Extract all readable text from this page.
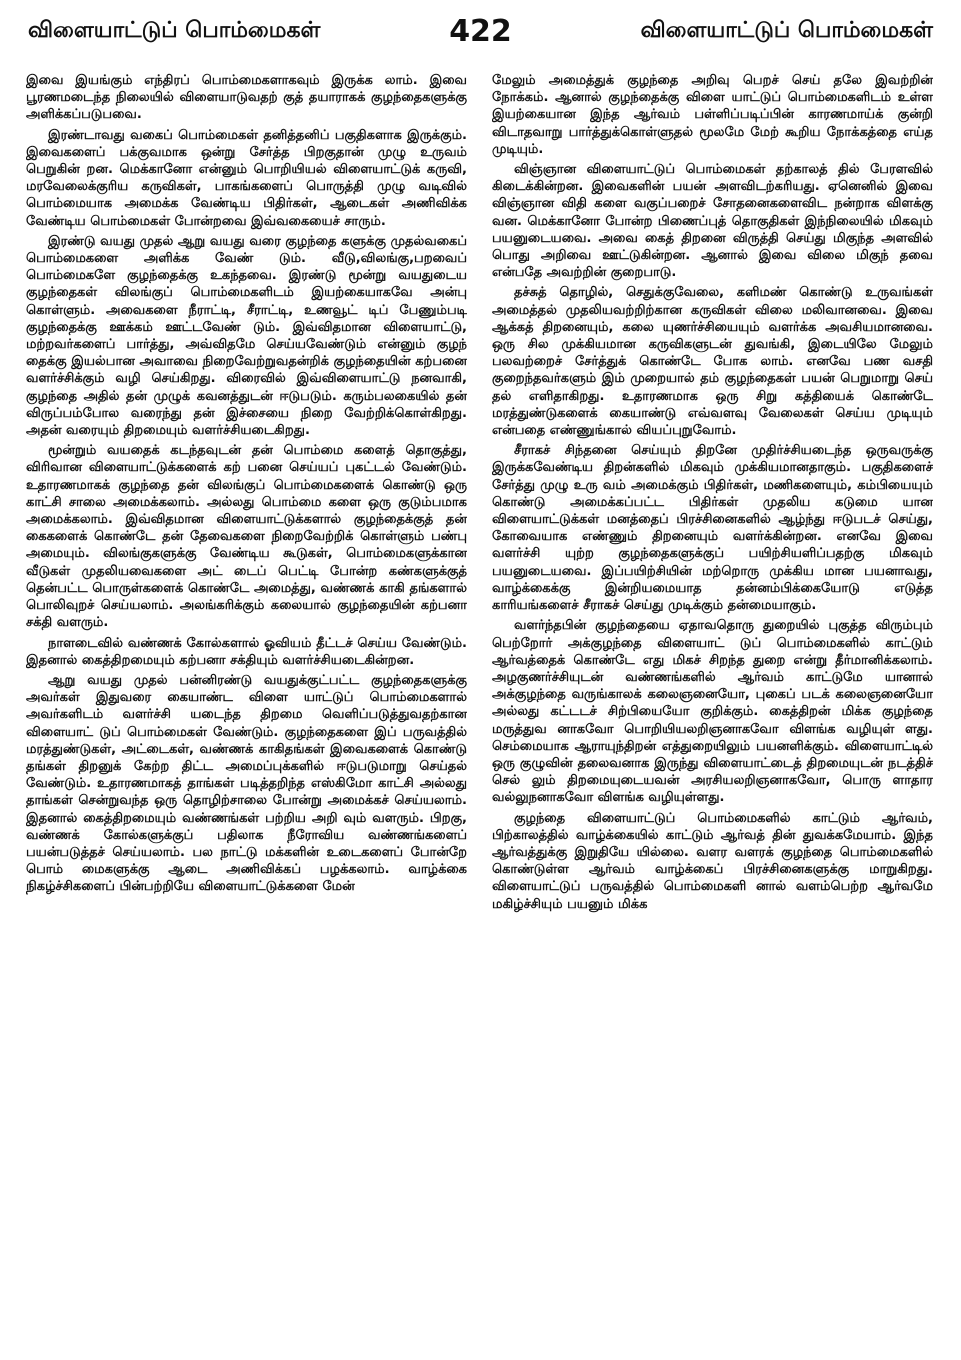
விளையாட்டுப் பொம்மைகள்	422	விளையாட்டுப் பொம்மைகள்

இவை இயங்கும் எந்திரப் பொம்மைகளாகவும் இருக்க லாம். இவை பூரணமடைந்த நிலையில் விளையாடுவதற் குத் தயாராகக் குழந்தைகளுக்கு அளிக்கப்படுபவை.

இரண்டாவது வகைப் பொம்மைகள் தனித்தனிப் பகுதிகளாக இருக்கும். இவைகளைப் பக்குவமாக ஒன்று சேர்த்த பிறகுதான் முழு உருவம் பெறுகின் றன. மெக்கானோ என்னும் பொறியியல் விளையாட்டுக் கருவி, மரவேலைக்குரிய கருவிகள், பாகங்களைப் பொருத்தி முழு வடிவில் பொம்மையாக அமைக்க வேண்டிய பிதிர்கள், ஆடைகள் அணிவிக்க வேண்டிய பொம்மைகள் போன்றவை இவ்வகையைச் சாரும்.

இரண்டு வயது முதல் ஆறு வயது வரை குழந்தை களுக்கு முதல்வகைப் பொம்மைகளை அளிக்க வேண் டும். வீடு,விலங்கு,பறவைப் பொம்மைகளே குழந்தைக்கு உகந்தவை. இரண்டு மூன்று வயதுடைய குழந்தைகள் விலங்குப் பொம்மைகளிடம் இயற்கையாகவே அன்பு கொள்ளும். அவைகளை நீராட்டி, சீராட்டி, உணவூட் டிப் பேணும்படி குழந்தைக்கு ஊக்கம் ஊட்டவேண் டும். இவ்விதமான விளையாட்டு, மற்றவர்களைப் பார்த்து, அவ்விதமே செய்யவேண்டும் என்னும் குழந் தைக்கு இயல்பான அவாவை நிறைவேற்றுவதன்றிக் குழந்தையின் கற்பனை வளர்ச்சிக்கும் வழி செய்கிறது. விரைவில் இவ்விளையாட்டு நனவாகி, குழந்தை அதில் தன் முழுக் கவனத்துடன் ஈடுபடும். கரும்பலகையில் தன் விருப்பம்போல வரைந்து தன் இச்சையை நிறை வேற்றிக்கொள்கிறது. அதன் வரையும் திறமையும் வளர்ச்சியடைகிறது.

மூன்றும் வயதைக் கடந்தவுடன் தன் பொம்மை களைத் தொகுத்து, விரிவான விளையாட்டுக்களைக் கற் பனை செய்யப் புகட்டல் வேண்டும். உதாரணமாகக் குழந்தை தன் விலங்குப் பொம்மைகளைக் கொண்டு ஒரு காட்சி சாலை அமைக்கலாம். அல்லது பொம்மை களை ஒரு குடும்பமாக அமைக்கலாம். இவ்விதமான விளையாட்டுக்களால் குழந்தைக்குத் தன் கைகளைக் கொண்டே தன் தேவைகளை நிறைவேற்றிக் கொள்ளும் பண்பு அமையும். விலங்குகளுக்கு வேண்டிய கூடுகள், பொம்மைகளுக்கான வீடுகள் முதலியவைகளை அட் டைப் பெட்டி போன்ற கண்களுக்குத் தென்பட்ட பொருள்களைக் கொண்டே அமைத்து, வண்ணக் காகி தங்களால் பொலிவுறச் செய்யலாம். அலங்கரிக்கும் கலையால் குழந்தையின் கற்பனா சக்தி வளரும்.

நாளடைவில் வண்ணக் கோல்களால் ஓவியம் தீட்டச் செய்ய வேண்டும். இதனால் கைத்திறமையும் கற்பனா சக்தியும் வளர்ச்சியடைகின்றன.

ஆறு வயது முதல் பன்னிரண்டு வயதுக்குட்பட்ட குழந்தைகளுக்கு அவர்கள் இதுவரை கையாண்ட விளை யாட்டுப் பொம்மைகளால் அவர்களிடம் வளர்ச்சி யடைந்த திறமை வெளிப்படுத்துவதற்கான விளையாட் டுப் பொம்மைகள் வேண்டும். குழந்தைகளை இப் பருவத்தில் மரத்துண்டுகள், அட்டைகள், வண்ணக் காகிதங்கள் இவைகளைக் கொண்டு தங்கள் திறனுக் கேற்ற திட்ட அமைப்புக்களில் ஈடுபடுமாறு செய்தல் வேண்டும். உதாரணமாகத் தாங்கள் படித்தறிந்த எஸ்கிமோ காட்சி அல்லது தாங்கள் சென்றுவந்த ஒரு தொழிற்சாலை போன்று அமைக்கச் செய்யலாம். இதனால் கைத்திறமையும் வண்ணங்கள் பற்றிய அறி வும் வளரும். பிறகு, வண்ணக் கோல்களுக்குப் பதிலாக நீரோவிய வண்ணங்களைப் பயன்படுத்தச் செய்யலாம். பல நாட்டு மக்களின் உடைகளைப் போன்றே பொம் மைகளுக்கு ஆடை அணிவிக்கப் பழக்கலாம். வாழ்க்கை நிகழ்ச்சிகளைப் பின்பற்றியே விளையாட்டுக்களை மேன்

மேலும் அமைத்துக் குழந்தை அறிவு பெறச் செய் தலே இவற்றின் நோக்கம். ஆனால் குழந்தைக்கு விளை யாட்டுப் பொம்மைகளிடம் உள்ள இயற்கையான இந்த ஆர்வம் பள்ளிப்படிப்பின் காரணமாய்க் குன்றி விடாதவாறு பார்த்துக்கொள்ளுதல் மூலமே மேற் கூறிய நோக்கத்தை எய்த முடியும்.

விஞ்ஞான விளையாட்டுப் பொம்மைகள் தற்காலத் தில் பேரளவில் கிடைக்கின்றன. இவைகளின் பயன் அளவிடற்கரியது. ஏனெனில் இவை விஞ்ஞான விதி களை வகுப்பறைச் சோதனைகளைவிட நன்றாக விளக்கு வன. மெக்கானோ போன்ற பிணைப்புத் தொகுதிகள் இந்நிலையில் மிகவும் பயனுடையவை. அவை கைத் திறனை விருத்தி செய்து மிகுந்த அளவில் பொது அறிவை ஊட்டுகின்றன. ஆனால் இவை விலை மிகுந் தவை என்பதே அவற்றின் குறைபாடு.

தச்சுத் தொழில், செதுக்குவேலை, களிமண் கொண்டு உருவங்கள் அமைத்தல் முதலியவற்றிற்கான கருவிகள் விலை மலிவானவை. இவை ஆக்கத் திறனையும், கலை யுணர்ச்சியையும் வளர்க்க அவசியமானவை. ஒரு சில முக்கியமான கருவிகளுடன் துவங்கி, இடையிலே மேலும் பலவற்றைச் சேர்த்துக் கொண்டே போக லாம். எனவே பண வசதி குறைந்தவர்களும் இம் முறையால் தம் குழந்தைகள் பயன் பெறுமாறு செய் தல் எளிதாகிறது. உதாரணமாக ஒரு சிறு கத்தியைக் கொண்டே மரத்துண்டுகளைக் கையாண்டு எவ்வளவு வேலைகள் செய்ய முடியும் என்பதை எண்ணுங்கால் வியப்புறுவோம்.

சீராகச் சிந்தனை செய்யும் திறனே முதிர்ச்சியடைந்த ஒருவருக்கு இருக்கவேண்டிய திறன்களில் மிகவும் முக்கியமானதாகும். பகுதிகளைச் சேர்த்து முழு உரு வம் அமைக்கும் பிதிர்கள், மணிகளையும், கம்பியையும் கொண்டு அமைக்கப்பட்ட பிதிர்கள் முதலிய கடுமை யான விளையாட்டுக்கள் மனத்தைப் பிரச்சினைகளில் ஆழ்ந்து ஈடுபடச் செய்து, கோவையாக எண்ணும் திறனையும் வளர்க்கின்றன. எனவே இவை வளர்ச்சி யுற்ற குழந்தைகளுக்குப் பயிற்சியளிப்பதற்கு மிகவும் பயனுடையவை. இப்பயிற்சியின் மற்றொரு முக்கிய மான பயனாவது, வாழ்க்கைக்கு இன்றியமையாத தன்னம்பிக்கையோடு எடுத்த காரியங்களைச் சீராகச் செய்து முடிக்கும் தன்மையாகும்.

வளர்ந்தபின் குழந்தையை ஏதாவதொரு துறையில் புகுத்த விரும்பும் பெற்றோர் அக்குழந்தை விளையாட் டுப் பொம்மைகளில் காட்டும் ஆர்வத்தைக் கொண்டே எது மிகச் சிறந்த துறை என்று தீர்மானிக்கலாம். அழகுணர்ச்சியுடன் வண்ணங்களில் ஆர்வம் காட்டுமே யானால் அக்குழந்தை வருங்காலக் கலைஞனையோ, புகைப் படக் கலைஞனையோ அல்லது கட்டடச் சிற்பியையோ குறிக்கும். கைத்திறன் மிக்க குழந்தை மருத்துவ னாகவோ பொறியியலறிஞனாகவோ விளங்க வழியுள் ளது. செம்மையாக ஆராயுந்திறன் எத்துறையிலும் பயனளிக்கும். விளையாட்டில் ஒரு குழுவின் தலைவனாக இருந்து விளையாட்டைத் திறமையுடன் நடத்திச் செல் லும் திறமையுடையவன் அரசியலறிஞனாகவோ, பொரு ளாதார வல்லுநனாகவோ விளங்க வழியுள்ளது.

குழந்தை விளையாட்டுப் பொம்மைகளில் காட்டும் ஆர்வம், பிற்காலத்தில் வாழ்க்கையில் காட்டும் ஆர்வத் தின் துவக்கமேயாம். இந்த ஆர்வத்துக்கு இறுதியே யில்லை. வளர வளரக் குழந்தை பொம்மைகளில் கொண்டுள்ள ஆர்வம் வாழ்க்கைப் பிரச்சினைகளுக்கு மாறுகிறது. விளையாட்டுப் பருவத்தில் பொம்மைகளி னால் வளம்பெற்ற ஆர்வமே மகிழ்ச்சியும் பயனும் மிக்க
